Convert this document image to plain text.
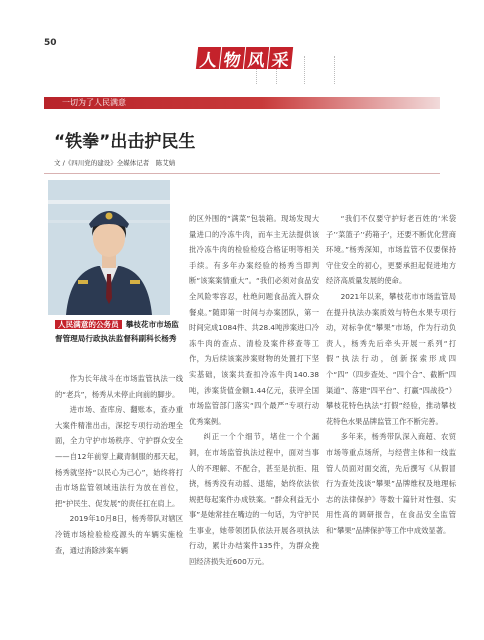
50
人 物 风 采
一切为了人民满意
“铁拳”出击护民生
文 /《四川党的建设》全媒体记者　陈艾婧
人民满意的公务员 攀枝花市市场监督管理局行政执法监督科副科长杨秀

作为长年战斗在市场监管执法一线的“老兵”，杨秀从未停止向前的脚步。

进市场、查库房、翻账本，查办重大案件精准出击，深挖专项行动治理全面，全力守护市场秩序、守护群众安全——自12年前穿上藏青制服的那天起，杨秀就坚持“以民心为己心”，始终将打击市场监管领域违法行为放在首位，把“护民生、促发展”的责任扛在肩上。

2019年10月8日，杨秀带队对辖区冷链市场检验检疫源头的车辆实施检查，通过消除涉案车辆

的区外围的“满菜”包装箱。现场发现大量进口的冷冻牛肉，而车主无法提供该批冷冻牛肉的检验检疫合格证明等相关手续。有多年办案经验的杨秀当即判断“该案案情重大”。“我们必须对食品安全风险零容忍，杜绝问题食品流入群众餐桌。”随即第一时间与办案团队，第一时间完成1084件、共28.4吨涉案进口冷冻牛肉的查点、清检及案件移查等工作，为后续该案涉案财物的处置打下坚实基础，该案共查扣冷冻牛肉140.38吨，涉案货值金额1.44亿元，获评全国市场监管部门落实“四个最严”专项行动优秀案例。

纠正一个个细节，堵住一个个漏洞，在市场监管执法过程中，面对当事人的不理解、不配合，甚至是抗拒、阻挠，杨秀没有动摇、退缩，始终依法依规把每起案件办成铁案。“群众利益无小事”是她常挂在嘴边的一句话，为守护民生事业，她带领团队依法开展各项执法行动，累计办结案件135件，为群众挽回经济损失近600万元。

“我们不仅要守护好老百姓的‘米袋子’‘菜篮子’‘药箱子’，还要不断优化营商环境。”杨秀深知，市场监管不仅要保持守住安全的初心，更要承担起促进地方经济高质量发展的使命。

2021年以来，攀枝花市市场监管局在提升执法办案质效与特色水果专项行动，对标争优“攀果”市场，作为行动负责人，杨秀先后牵头开展一系列“打假”执法行动，创新探索形成四个“四”（四步查处、“四个合”、截断“四渠道”、落建“四平台”、打赢“四战役”）攀枝花特色执法“打假”经验，推动攀枝花特色水果品牌监管工作不断完善。

多年来，杨秀带队深入商超、农贸市场等重点场所，与经营主体和一线监管人员面对面交流，先后撰写《从假冒行为查处浅谈“攀果”品牌维权及地理标志的法律保护》等数十篇针对性强、实用性高的调研报告，在食品安全监管和“攀果”品牌保护等工作中成效显著。
